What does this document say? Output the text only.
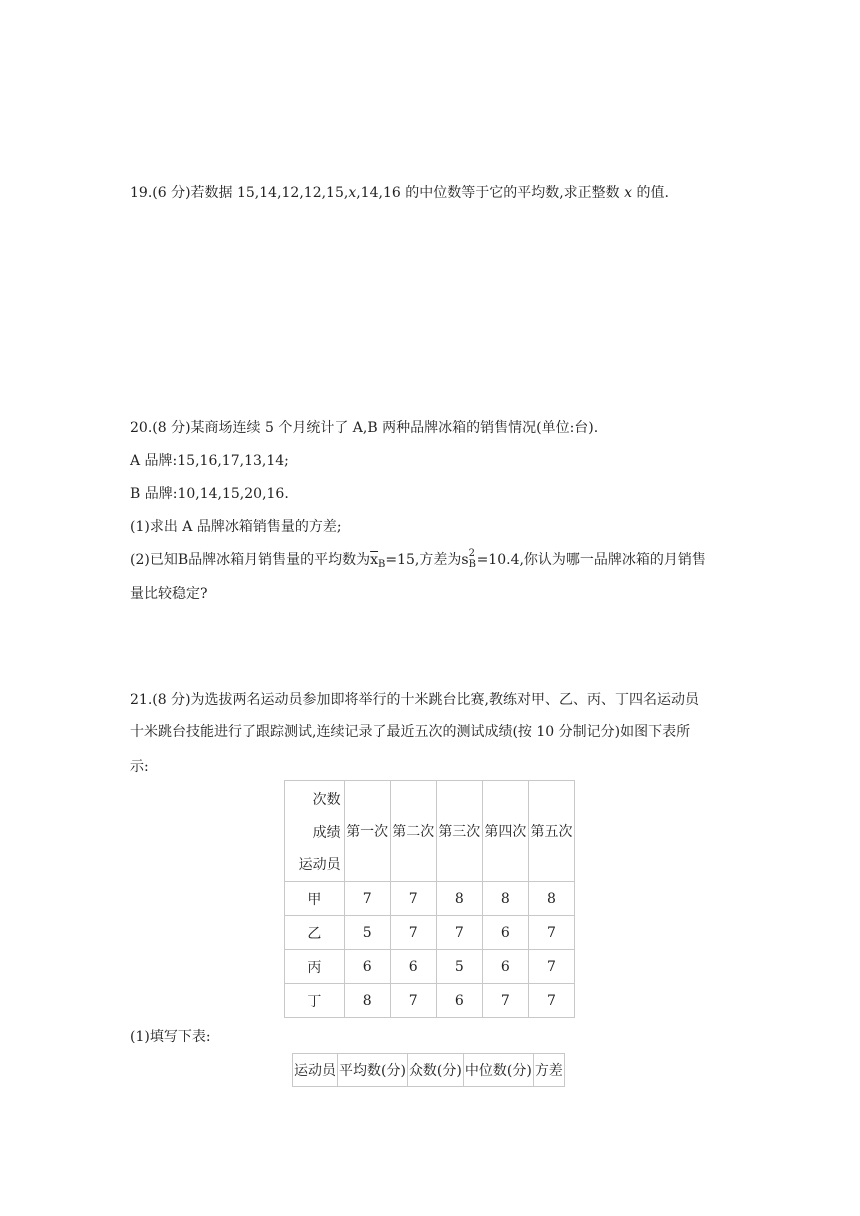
19.(6 分)若数据 15,14,12,12,15,x,14,16 的中位数等于它的平均数,求正整数 x 的值.
20.(8 分)某商场连续 5 个月统计了 A,B 两种品牌冰箱的销售情况(单位:台).
A 品牌:15,16,17,13,14;
B 品牌:10,14,15,20,16.
(1)求出 A 品牌冰箱销售量的方差;
(2)已知B品牌冰箱月销售量的平均数为$\overline{x}_B=15$,方差为s 2
B =10.4,你认为哪一品牌冰箱的月销售
量比较稳定?
21.(8 分)为选拔两名运动员参加即将举行的十米跳台比赛,教练对甲、乙、丙、丁四名运动员
十米跳台技能进行了跟踪测试,连续记录了最近五次的测试成绩(按 10 分制记分)如图下表所
示:
次数
成绩
运动员	第一次	第二次	第三次	第四次	第五次
甲	7	7	8	8	8
乙	5	7	7	6	7
丙	6	6	5	6	7
丁	8	7	6	7	7
(1)填写下表:
运动员	平均数(分)	众数(分)	中位数(分)	方差
